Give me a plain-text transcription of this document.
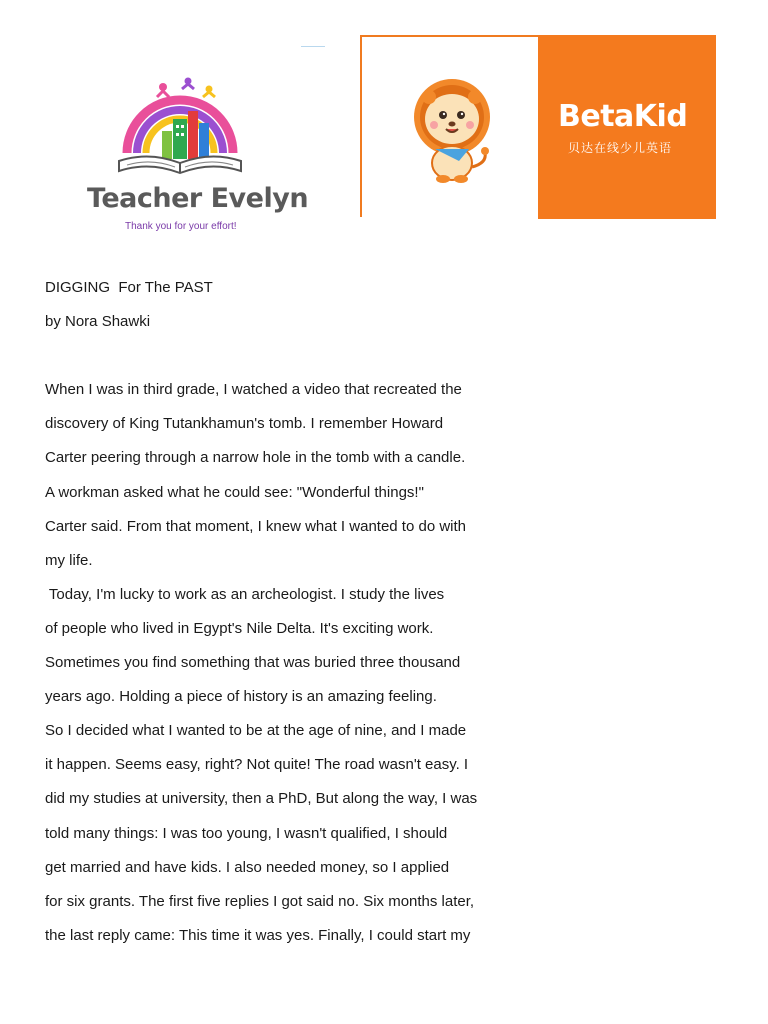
Teacher Evelyn
Thank you for your effort!
BetaKid
贝达在线少儿英语
DIGGING  For The PAST
by Nora Shawki
When I was in third grade, I watched a video that recreated the
discovery of King Tutankhamun's tomb. I remember Howard
Carter peering through a narrow hole in the tomb with a candle.
A workman asked what he could see: "Wonderful things!"
Carter said. From that moment, I knew what I wanted to do with
my life.
Today, I'm lucky to work as an archeologist. I study the lives
of people who lived in Egypt's Nile Delta. It's exciting work.
Sometimes you find something that was buried three thousand
years ago. Holding a piece of history is an amazing feeling.
So I decided what I wanted to be at the age of nine, and I made
it happen. Seems easy, right? Not quite! The road wasn't easy. I
did my studies at university, then a PhD, But along the way, I was
told many things: I was too young, I wasn't qualified, I should
get married and have kids. I also needed money, so I applied
for six grants. The first five replies I got said no. Six months later,
the last reply came: This time it was yes. Finally, I could start my
